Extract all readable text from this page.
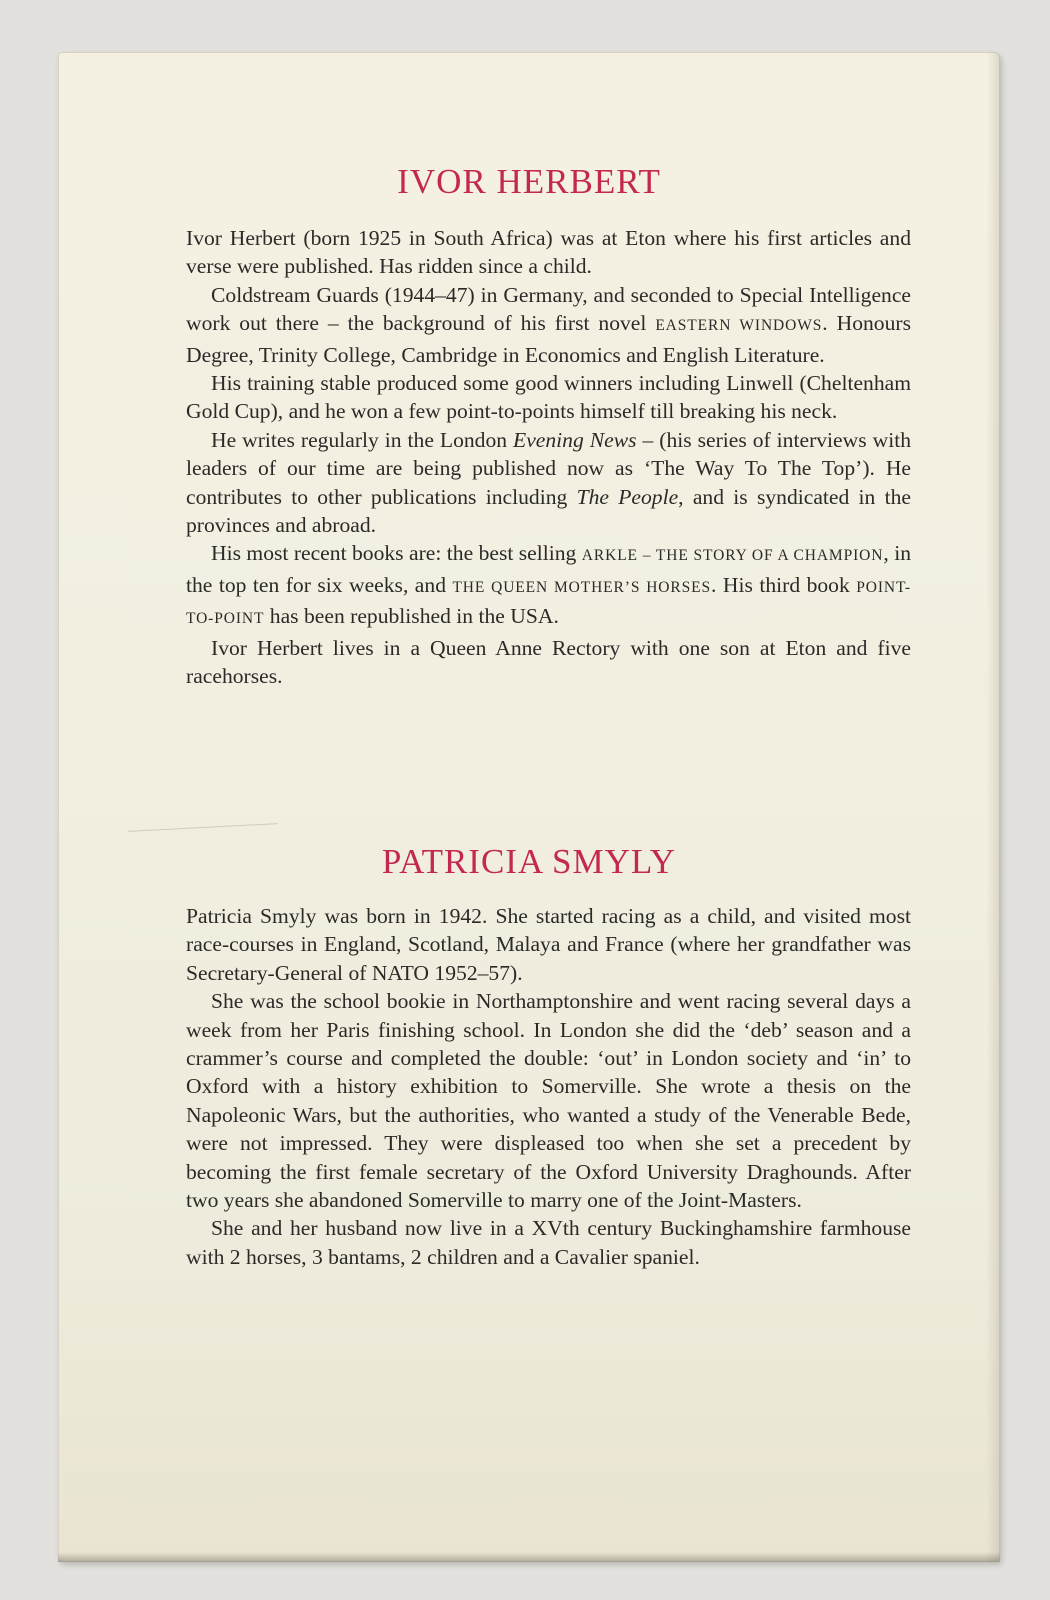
IVOR HERBERT

Ivor Herbert (born 1925 in South Africa) was at Eton where his first articles and verse were published. Has ridden since a child.

Coldstream Guards (1944–47) in Germany, and seconded to Special Intelligence work out there – the background of his first novel EASTERN WINDOWS. Honours Degree, Trinity College, Cambridge in Economics and English Literature.

His training stable produced some good winners including Linwell (Cheltenham Gold Cup), and he won a few point-to-points himself till breaking his neck.

He writes regularly in the London Evening News – (his series of interviews with leaders of our time are being published now as ‘The Way To The Top’). He contributes to other publications including The People, and is syndicated in the provinces and abroad.

His most recent books are: the best selling ARKLE – THE STORY OF A CHAMPION, in the top ten for six weeks, and THE QUEEN MOTHER’S HORSES. His third book POINT-TO-POINT has been republished in the USA.

Ivor Herbert lives in a Queen Anne Rectory with one son at Eton and five racehorses.

PATRICIA SMYLY

Patricia Smyly was born in 1942. She started racing as a child, and visited most race-courses in England, Scotland, Malaya and France (where her grandfather was Secretary-General of NATO 1952–57).

She was the school bookie in Northamptonshire and went racing several days a week from her Paris finishing school. In London she did the ‘deb’ season and a crammer’s course and completed the double: ‘out’ in London society and ‘in’ to Oxford with a history exhibition to Somerville. She wrote a thesis on the Napoleonic Wars, but the authorities, who wanted a study of the Venerable Bede, were not impressed. They were displeased too when she set a precedent by becoming the first female secretary of the Oxford University Draghounds. After two years she abandoned Somerville to marry one of the Joint-Masters.

She and her husband now live in a XVth century Buckinghamshire farmhouse with 2 horses, 3 bantams, 2 children and a Cavalier spaniel.
